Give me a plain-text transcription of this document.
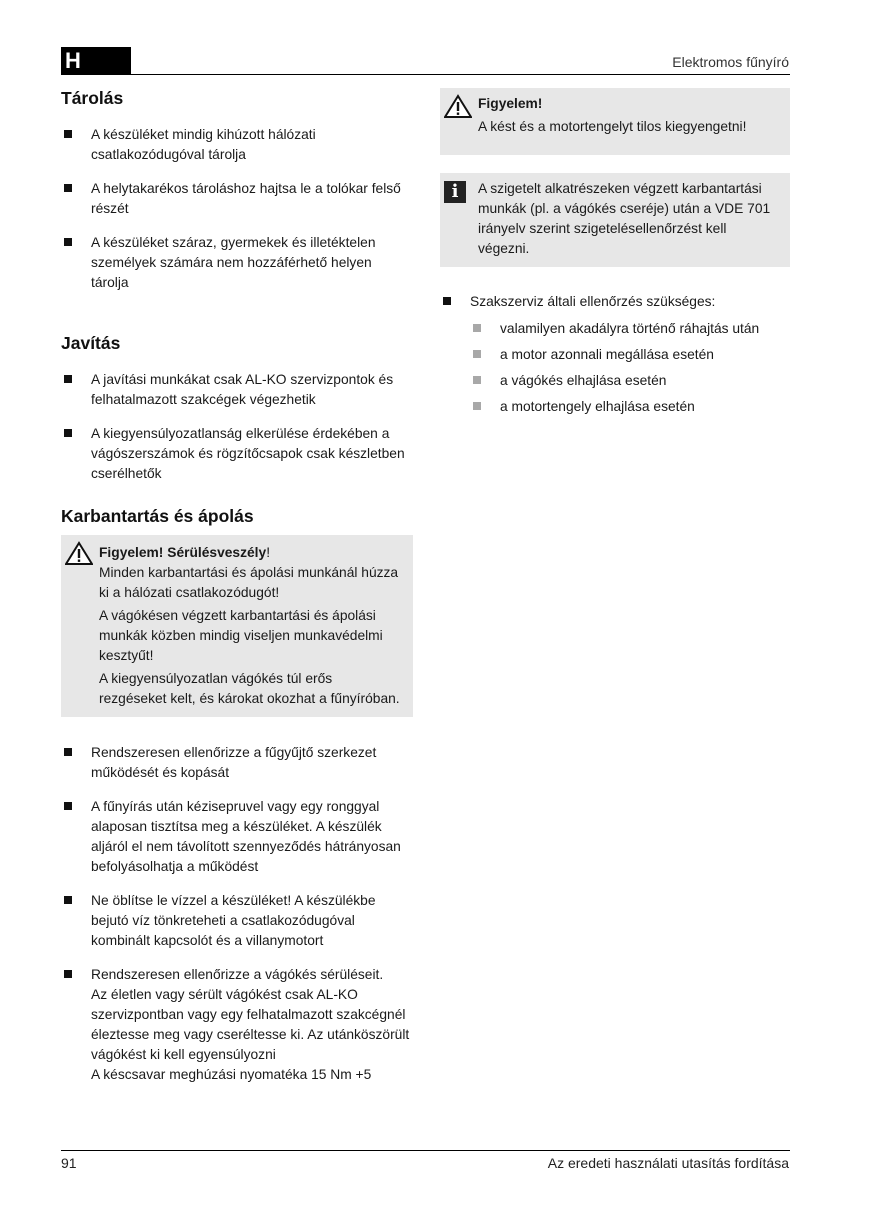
H	Elektromos fűnyíró
Tárolás
A készüléket mindig kihúzott hálózati
csatlakozódugóval tárolja
A helytakarékos tároláshoz hajtsa le a tolókar felső
részét
A készüléket száraz, gyermekek és illetéktelen
személyek számára nem hozzáférhető helyen
tárolja
Javítás
A javítási munkákat csak AL-KO szervizpontok és
felhatalmazott szakcégek végezhetik
A kiegyensúlyozatlanság elkerülése érdekében a
vágószerszámok és rögzítőcsapok csak készletben
cserélhetők
Karbantartás és ápolás
Figyelem! Sérülésveszély!
Minden karbantartási és ápolási munkánál húzza
ki a hálózati csatlakozódugót!
A vágókésen végzett karbantartási és ápolási
munkák közben mindig viseljen munkavédelmi
kesztyűt!
A kiegyensúlyozatlan vágókés túl erős
rezgéseket kelt, és károkat okozhat a fűnyíróban.
Rendszeresen ellenőrizze a fűgyűjtő szerkezet
működését és kopását
A fűnyírás után kézisepruvel vagy egy ronggyal
alaposan tisztítsa meg a készüléket. A készülék
aljáról el nem távolított szennyeződés hátrányosan
befolyásolhatja a működést
Ne öblítse le vízzel a készüléket! A készülékbe
bejutó víz tönkreteheti a csatlakozódugóval
kombinált kapcsolót és a villanymotort
Rendszeresen ellenőrizze a vágókés sérüléseit.
Az életlen vagy sérült vágókést csak AL-KO
szervizpontban vagy egy felhatalmazott szakcégnél
éleztesse meg vagy cseréltesse ki. Az utánköszörült
vágókést ki kell egyensúlyozni
A késcsavar meghúzási nyomatéka 15 Nm +5
Figyelem!
A kést és a motortengelyt tilos kiegyengetni!
i	A szigetelt alkatrészeken végzett karbantartási
munkák (pl. a vágókés cseréje) után a VDE 701
irányelv szerint szigetelésellenőrzést kell
végezni.
Szakszerviz általi ellenőrzés szükséges:
valamilyen akadályra történő ráhajtás után
a motor azonnali megállása esetén
a vágókés elhajlása esetén
a motortengely elhajlása esetén
91	Az eredeti használati utasítás fordítása
